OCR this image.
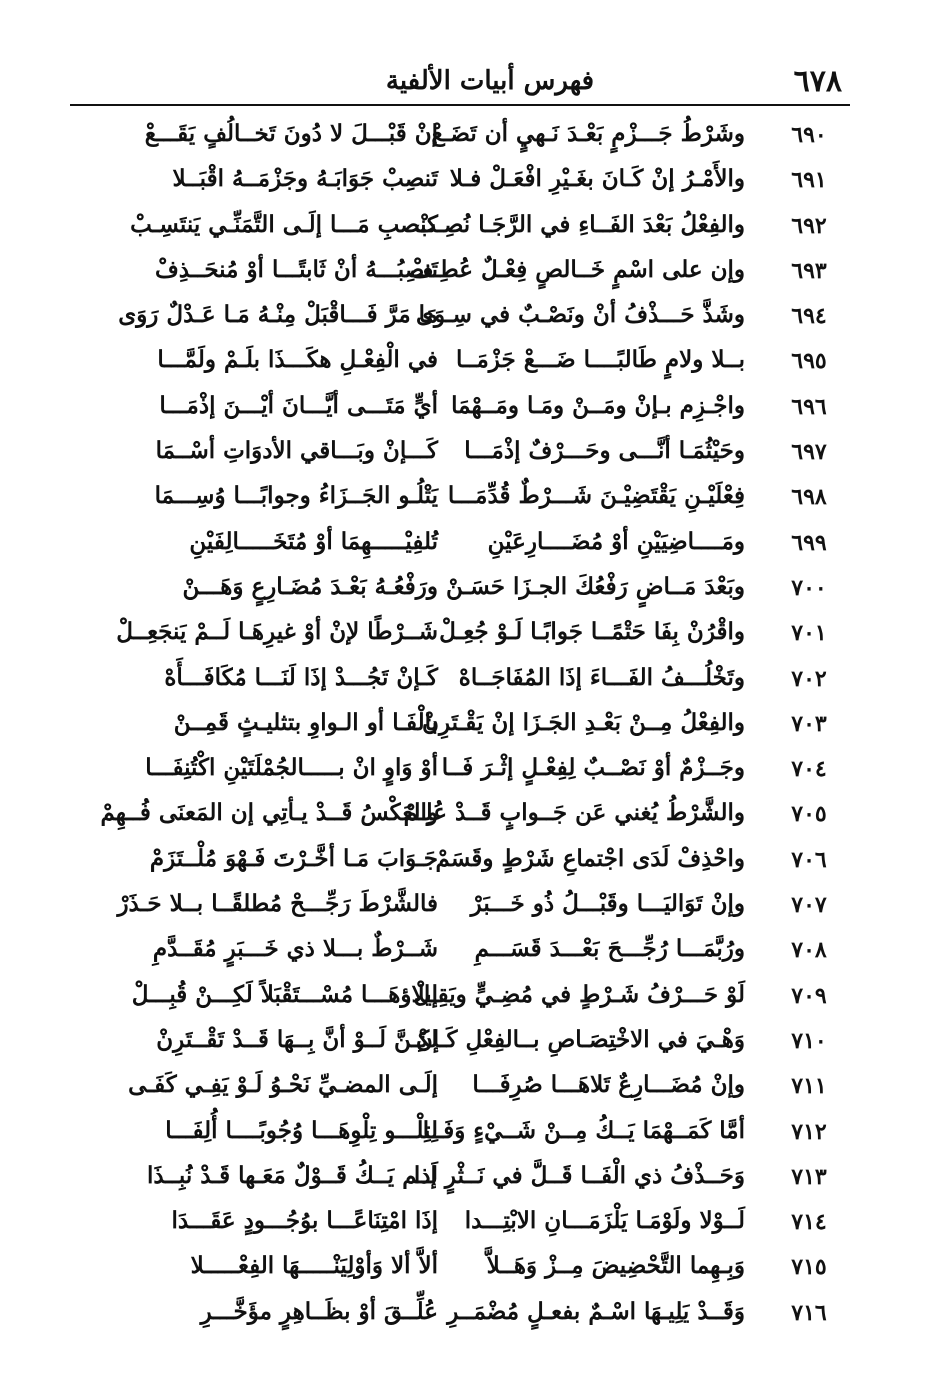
٦٧٨
فهرس أبيات الألفية
٦٩٠
وشَرْطُ جَـــزْمٍ بَعْـدَ نَـهيٍ أن تَضَـعْ
إنْ قَبْـــلَ لا دُونَ تَخــالُفٍ يَقَـــعْ
٦٩١
والأَمْـرُ إنْ كَـانَ بغَـيْرِ افْعَـلْ فـلا
تَنصِبْ جَوَابَـهُ وجَزْمَــهُ اقْبَــلا
٦٩٢
والفِعْلُ بَعْدَ الفَــاءِ في الرَّجَـا نُصِـبْ
كنصبِ مَـــا إلَـى التَّمَنِّـي يَنتَسِـبْ
٦٩٣
وإن على اسْمٍ خَــالصٍ فِعْـلٌ عُطِـفْ
تَنصِبُـــهُ أنْ ثَابتًـــا أوْ مُنحَــذِفْ
٦٩٤
وشَذَّ حَـــذْفُ أنْ ونَصْـبٌ في سِـوَى
مَا مَرَّ فَـــاقْبَلْ مِنْـهُ مَـا عَـدْلٌ رَوَى
٦٩٥
بــلا ولامٍ طَالبًــــا ضَـــعْ جَزْمَــا
في الْفِعْـلِ هكَـــذَا بلَـمْ ولَمَّـــا
٦٩٦
واجْـزِم بـإنْ ومَــنْ ومَـا ومَــهْمَا
أيٍّ مَتَـــى أيَّـــانَ أيْـــنَ إذْمَـــا
٦٩٧
وحَيْثُمَـا أنَّـــى وحَـــرْفٌ إذْمَـــا
كَـــإنْ وبَـــاقي الأدوَاتِ أسْــمَا
٦٩٨
فِعْلَيْـنِ يَقْتَضِيْـنَ شَـــرْطٌ قُدِّمَـــا
يَتْلُـو الجَــزَاءُ وجوابًـــا وُسِـــمَا
٦٩٩
ومَــــاضِيَيْنِ أوْ مُضَــــارِعَيْنِ
تُلفِيْـــــهِمَا أوْ مُتَخَـــــالِفَيْنِ
٧٠٠
وبَعْدَ مَــاضٍ رَفْعُكَ الجـزَا حَسَـنْ
ورَفْعُـهُ بَعْـدَ مُضَـارِعٍ وَهَـــنْ
٧٠١
واقْرُنْ بِفَا حَتْمًــا جَوابًـا لَـوْ جُعِـلْ
شَــرْطًا لإنْ أوْ غيرِهَـا لَــمْ يَنجَعِــلْ
٧٠٢
وتَخْلُـــفُ الفَـــاءَ إذَا المُفَاجَــاهْ
كَـإنْ تَجُـــدْ إذَا لَنَـــا مُكَافَـــأَهْ
٧٠٣
والفِعْلُ مِــنْ بَعْـدِ الجَـزَا إنْ يَقْـتَرِنْ
بالْفَـا أو الـواوِ بتثليـثٍ قَمِــنْ
٧٠٤
وجَــزْمٌ أوْ نَصْــبٌ لِفِعْـلٍ إثْـرَ فَــا
أوْ وَاوٍ انْ بـــــالجُمْلَتَيْنِ اكْتُنِفَـــا
٧٠٥
والشَّرْطُ يُغني عَن جَــوابٍ قَــدْ عُلِـمْ
والعَكْسُ قَــدْ يـأتِي إن المَعنَى فُــهِمْ
٧٠٦
واحْذِفْ لَدَى اجْتماعِ شَرْطٍ وقَسَمْ
جَـوَابَ مَـا أخَّـرْتَ فَـهْوَ مُلْــتَزَمْ
٧٠٧
وإنْ تَوَاليَـــا وقَبْـــلُ ذُو خَـــبَرْ
فالشَّرْطَ رَجِّـــحْ مُطلقًــا بــلا حَـذَرْ
٧٠٨
ورُبَّمَـــا رُجِّـــحَ بَعْـــدَ قَسَـــمِ
شَــرْطٌ بـــلا ذي خَـــبَرٍ مُقَــدَّمِ
٧٠٩
لَوْ حَـــرْفُ شَـرْطٍ في مُضِـيٍّ ويَقِـلْ
إيلاؤهَـــا مُسْـــتَقْبَلاً لَكِـــنْ قُبِـــلْ
٧١٠
وَهْـيَ في الاخْتِصَـاصِ بــالفِعْلِ كَـإنْ
لكِـنَّ لَــوْ أنَّ بِــهَا قَــدْ تَقْــتَرِنْ
٧١١
وإنْ مُضَـــارِعٌ تَلاهَـــا صُرِفَـــا
إلَـى المضـيِّ نَحْـوُ لَـوْ يَفِـي كَفَـى
٧١٢
أمَّا كَمَــهْمَا يَــكُ مِــنْ شَــيْءٍ وَفَــا
لِتِلْـــو تِلْوِهَـــا وُجُوبًــــا أُلِفَـــا
٧١٣
وَحَــذْفُ ذي الْفَــا قَــلَّ في نَــثْرٍ إذا
لَــم يَــكُ قَــوْلٌ مَعَـها قَـدْ نُبِــذَا
٧١٤
لَــوْلا ولَوْمَـا يَلْزَمَـــانِ الابْتِـــدا
إذَا امْتِنَاعًـــا بوُجُـــودٍ عَقَـــدَا
٧١٥
وَبِـهِما التَّحْضِيضَ مِــزْ وَهَــلاَّ
ألاَّ ألا وَأوْلِيَنْـــــهَا الفِعْـــــلا
٧١٦
وَقَــدْ يَلِيـهَا اسْـمٌ بفعـلٍ مُضْمَــرِ
عُلِّــقَ أوْ بظَــاهِرٍ مؤَخَّـــرِ
